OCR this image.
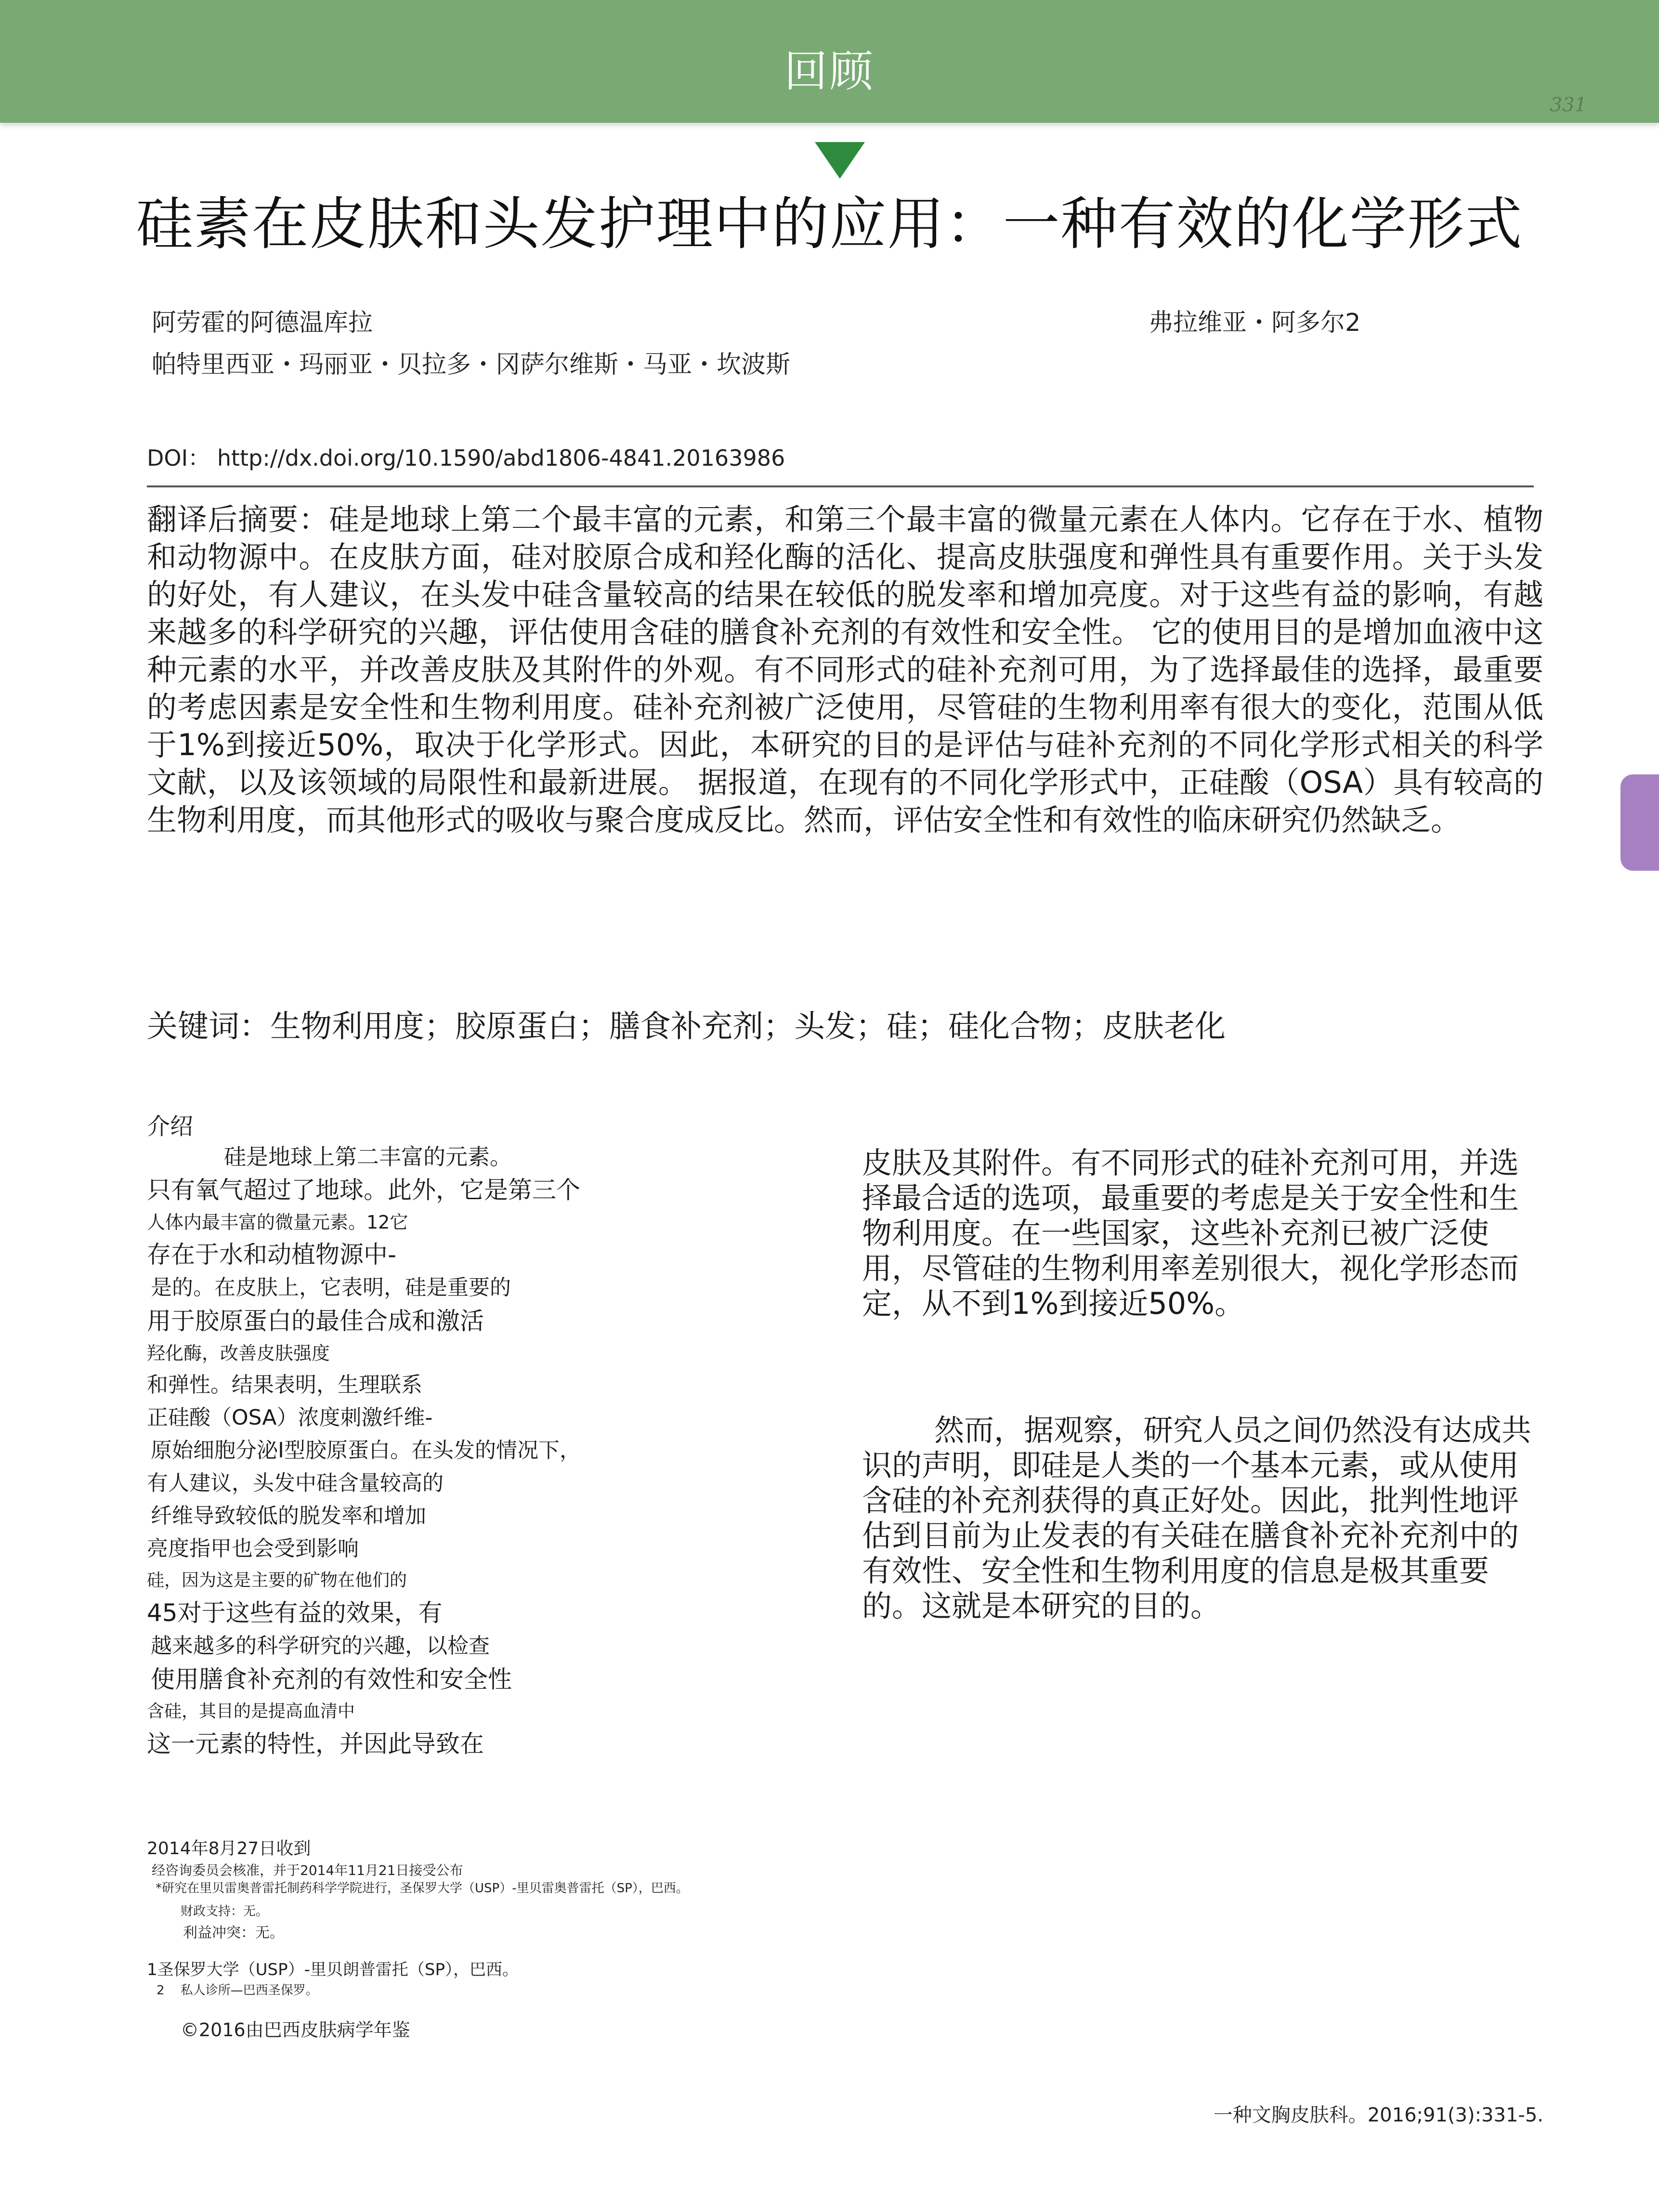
回顾
331
硅素在皮肤和头发护理中的应用：一种有效的化学形式
阿劳霍的阿德温库拉
帕特里西亚・玛丽亚・贝拉多・冈萨尔维斯・马亚・坎波斯
弗拉维亚・阿多尔2
DOI： http://dx.doi.org/10.1590/abd1806-4841.20163986
翻译后摘要：硅是地球上第二个最丰富的元素，和第三个最丰富的微量元素在人体内。它存在于水、植物和动物源中。在皮肤方面，硅对胶原合成和羟化酶的活化、提高皮肤强度和弹性具有重要作用。关于头发的好处，有人建议，在头发中硅含量较高的结果在较低的脱发率和增加亮度。对于这些有益的影响，有越来越多的科学研究的兴趣，评估使用含硅的膳食补充剂的有效性和安全性。 它的使用目的是增加血液中这种元素的水平，并改善皮肤及其附件的外观。有不同形式的硅补充剂可用，为了选择最佳的选择，最重要的考虑因素是安全性和生物利用度。硅补充剂被广泛使用，尽管硅的生物利用率有很大的变化，范围从低于1%到接近50%，取决于化学形式。因此，本研究的目的是评估与硅补充剂的不同化学形式相关的科学文献，以及该领域的局限性和最新进展。 据报道，在现有的不同化学形式中，正硅酸（OSA）具有较高的生物利用度，而其他形式的吸收与聚合度成反比。然而，评估安全性和有效性的临床研究仍然缺乏。
关键词：生物利用度；胶原蛋白；膳食补充剂；头发；硅；硅化合物；皮肤老化
介绍
硅是地球上第二丰富的元素。
只有氧气超过了地球。此外，它是第三个
人体内最丰富的微量元素。12它
存在于水和动植物源中-
是的。在皮肤上，它表明，硅是重要的
用于胶原蛋白的最佳合成和激活
羟化酶，改善皮肤强度
和弹性。结果表明，生理联系
正硅酸（OSA）浓度刺激纤维-
原始细胞分泌I型胶原蛋白。在头发的情况下，
有人建议，头发中硅含量较高的
纤维导致较低的脱发率和增加
亮度指甲也会受到影响
硅，因为这是主要的矿物在他们的
45对于这些有益的效果，有
越来越多的科学研究的兴趣，以检查
使用膳食补充剂的有效性和安全性
含硅，其目的是提高血清中
这一元素的特性，并因此导致在

皮肤及其附件。有不同形式的硅补充剂可用，并选择最合适的选项，最重要的考虑是关于安全性和生物利用度。在一些国家，这些补充剂已被广泛使用，尽管硅的生物利用率差别很大，视化学形态而定，从不到1%到接近50%。

然而，据观察，研究人员之间仍然没有达成共识的声明，即硅是人类的一个基本元素，或从使用含硅的补充剂获得的真正好处。因此，批判性地评估到目前为止发表的有关硅在膳食补充补充剂中的有效性、安全性和生物利用度的信息是极其重要的。这就是本研究的目的。

2014年8月27日收到
经咨询委员会核准，并于2014年11月21日接受公布
*研究在里贝雷奥普雷托制药科学学院进行，圣保罗大学（USP）-里贝雷奥普雷托（SP），巴西。
财政支持：无。
利益冲突：无。
1圣保罗大学（USP）-里贝朗普雷托（SP），巴西。
2 私人诊所—巴西圣保罗。
©2016由巴西皮肤病学年鉴
一种文胸皮肤科。2016;91(3):331-5.
